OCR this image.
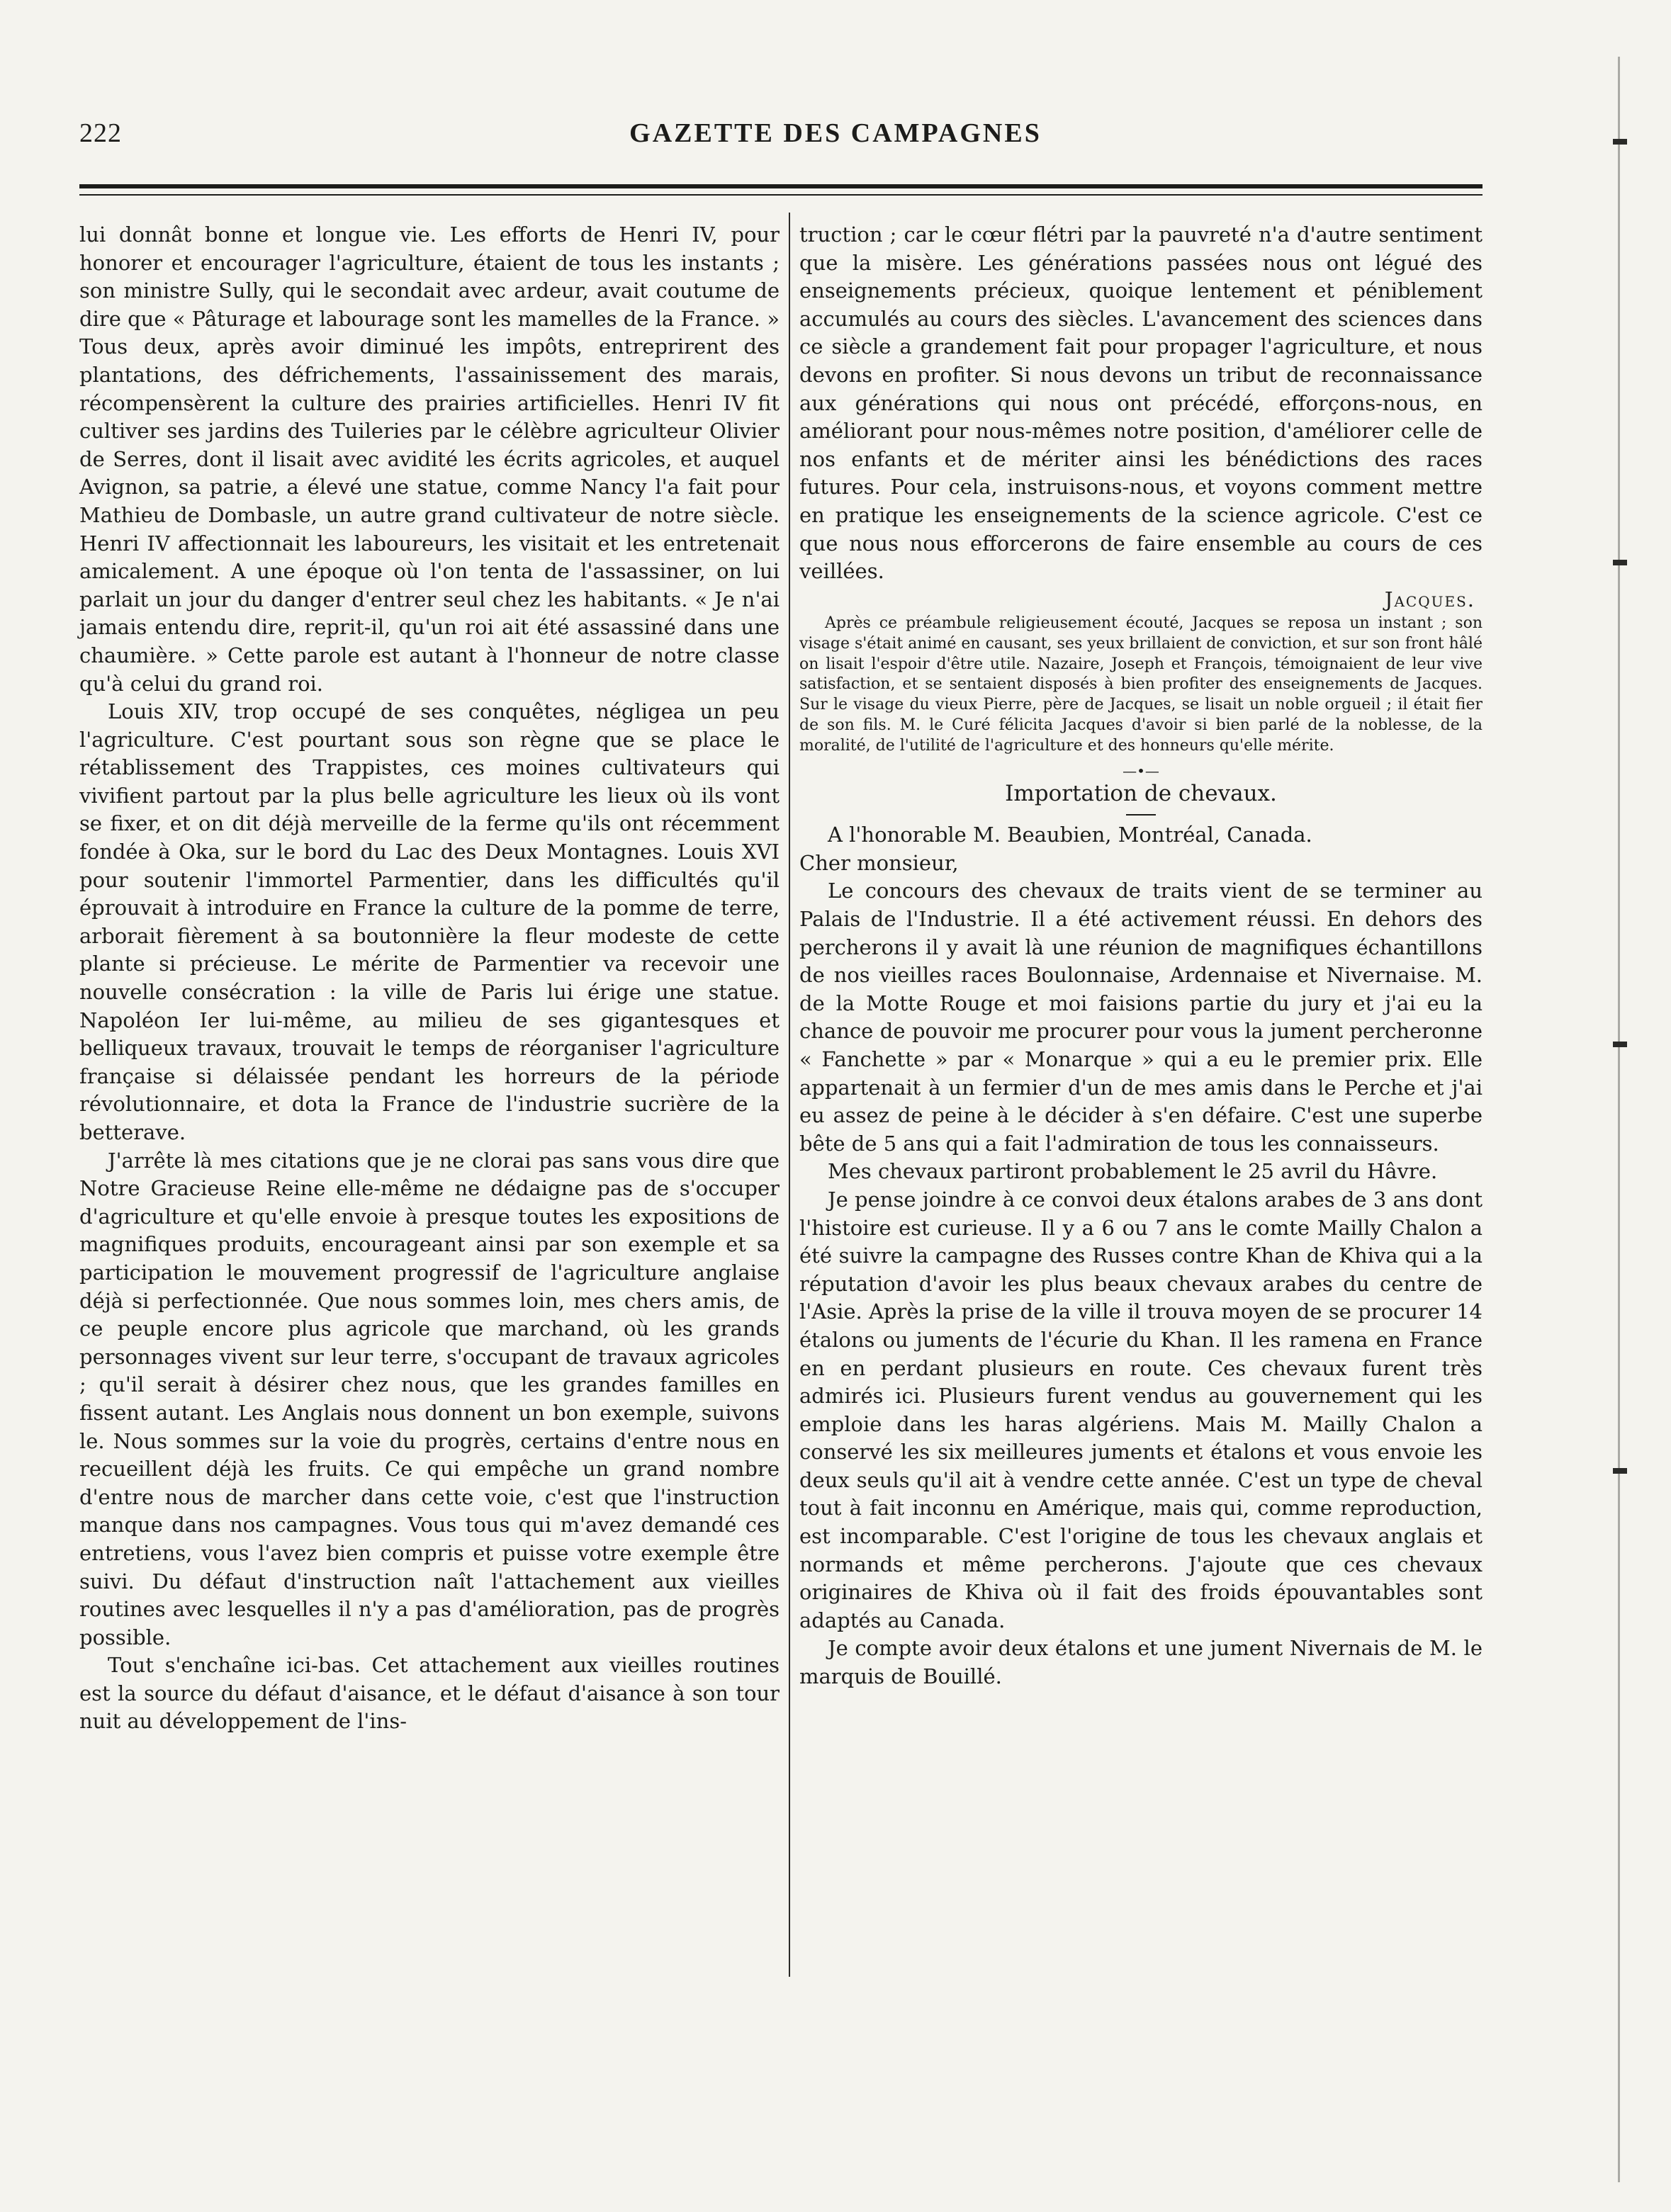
222	GAZETTE DES CAMPAGNES

lui donnât bonne et longue vie. Les efforts de Henri IV, pour honorer et encourager l'agriculture, étaient de tous les instants ; son ministre Sully, qui le secondait avec ardeur, avait coutume de dire que « Pâturage et labourage sont les mamelles de la France. » Tous deux, après avoir diminué les impôts, entreprirent des plantations, des défrichements, l'assainissement des marais, récompensèrent la culture des prairies artificielles. Henri IV fit cultiver ses jardins des Tuileries par le célèbre agriculteur Olivier de Serres, dont il lisait avec avidité les écrits agricoles, et auquel Avignon, sa patrie, a élevé une statue, comme Nancy l'a fait pour Mathieu de Dombasle, un autre grand cultivateur de notre siècle. Henri IV affectionnait les laboureurs, les visitait et les entretenait amicalement. A une époque où l'on tenta de l'assassiner, on lui parlait un jour du danger d'entrer seul chez les habitants. « Je n'ai jamais entendu dire, reprit-il, qu'un roi ait été assassiné dans une chaumière. » Cette parole est autant à l'honneur de notre classe qu'à celui du grand roi.

Louis XIV, trop occupé de ses conquêtes, négligea un peu l'agriculture. C'est pourtant sous son règne que se place le rétablissement des Trappistes, ces moines cultivateurs qui vivifient partout par la plus belle agriculture les lieux où ils vont se fixer, et on dit déjà merveille de la ferme qu'ils ont récemment fondée à Oka, sur le bord du Lac des Deux Montagnes. Louis XVI pour soutenir l'immortel Parmentier, dans les difficultés qu'il éprouvait à introduire en France la culture de la pomme de terre, arborait fièrement à sa boutonnière la fleur modeste de cette plante si précieuse. Le mérite de Parmentier va recevoir une nouvelle consécration : la ville de Paris lui érige une statue. Napoléon Ier lui-même, au milieu de ses gigantesques et belliqueux travaux, trouvait le temps de réorganiser l'agriculture française si délaissée pendant les horreurs de la période révolutionnaire, et dota la France de l'industrie sucrière de la betterave.

J'arrête là mes citations que je ne clorai pas sans vous dire que Notre Gracieuse Reine elle-même ne dédaigne pas de s'occuper d'agriculture et qu'elle envoie à presque toutes les expositions de magnifiques produits, encourageant ainsi par son exemple et sa participation le mouvement progressif de l'agriculture anglaise déjà si perfectionnée. Que nous sommes loin, mes chers amis, de ce peuple encore plus agricole que marchand, où les grands personnages vivent sur leur terre, s'occupant de travaux agricoles ; qu'il serait à désirer chez nous, que les grandes familles en fissent autant. Les Anglais nous donnent un bon exemple, suivons le. Nous sommes sur la voie du progrès, certains d'entre nous en recueillent déjà les fruits. Ce qui empêche un grand nombre d'entre nous de marcher dans cette voie, c'est que l'instruction manque dans nos campagnes. Vous tous qui m'avez demandé ces entretiens, vous l'avez bien compris et puisse votre exemple être suivi. Du défaut d'instruction naît l'attachement aux vieilles routines avec lesquelles il n'y a pas d'amélioration, pas de progrès possible.

Tout s'enchaîne ici-bas. Cet attachement aux vieilles routines est la source du défaut d'aisance, et le défaut d'aisance à son tour nuit au développement de l'ins-

truction ; car le cœur flétri par la pauvreté n'a d'autre sentiment que la misère. Les générations passées nous ont légué des enseignements précieux, quoique lentement et péniblement accumulés au cours des siècles. L'avancement des sciences dans ce siècle a grandement fait pour propager l'agriculture, et nous devons en profiter. Si nous devons un tribut de reconnaissance aux générations qui nous ont précédé, efforçons-nous, en améliorant pour nous-mêmes notre position, d'améliorer celle de nos enfants et de mériter ainsi les bénédictions des races futures. Pour cela, instruisons-nous, et voyons comment mettre en pratique les enseignements de la science agricole. C'est ce que nous nous efforcerons de faire ensemble au cours de ces veillées.

Jacques.

Après ce préambule religieusement écouté, Jacques se reposa un instant ; son visage s'était animé en causant, ses yeux brillaient de conviction, et sur son front hâlé on lisait l'espoir d'être utile. Nazaire, Joseph et François, témoignaient de leur vive satisfaction, et se sentaient disposés à bien profiter des enseignements de Jacques. Sur le visage du vieux Pierre, père de Jacques, se lisait un noble orgueil ; il était fier de son fils. M. le Curé félicita Jacques d'avoir si bien parlé de la noblesse, de la moralité, de l'utilité de l'agriculture et des honneurs qu'elle mérite.

—•—

Importation de chevaux.

A l'honorable M. Beaubien, Montréal, Canada.

Cher monsieur,

Le concours des chevaux de traits vient de se terminer au Palais de l'Industrie. Il a été activement réussi. En dehors des percherons il y avait là une réunion de magnifiques échantillons de nos vieilles races Boulonnaise, Ardennaise et Nivernaise. M. de la Motte Rouge et moi faisions partie du jury et j'ai eu la chance de pouvoir me procurer pour vous la jument percheronne « Fanchette » par « Monarque » qui a eu le premier prix. Elle appartenait à un fermier d'un de mes amis dans le Perche et j'ai eu assez de peine à le décider à s'en défaire. C'est une superbe bête de 5 ans qui a fait l'admiration de tous les connaisseurs.

Mes chevaux partiront probablement le 25 avril du Hâvre.

Je pense joindre à ce convoi deux étalons arabes de 3 ans dont l'histoire est curieuse. Il y a 6 ou 7 ans le comte Mailly Chalon a été suivre la campagne des Russes contre Khan de Khiva qui a la réputation d'avoir les plus beaux chevaux arabes du centre de l'Asie. Après la prise de la ville il trouva moyen de se procurer 14 étalons ou juments de l'écurie du Khan. Il les ramena en France en en perdant plusieurs en route. Ces chevaux furent très admirés ici. Plusieurs furent vendus au gouvernement qui les emploie dans les haras algériens. Mais M. Mailly Chalon a conservé les six meilleures juments et étalons et vous envoie les deux seuls qu'il ait à vendre cette année. C'est un type de cheval tout à fait inconnu en Amérique, mais qui, comme reproduction, est incomparable. C'est l'origine de tous les chevaux anglais et normands et même percherons. J'ajoute que ces chevaux originaires de Khiva où il fait des froids épouvantables sont adaptés au Canada.

Je compte avoir deux étalons et une jument Nivernais de M. le marquis de Bouillé.
